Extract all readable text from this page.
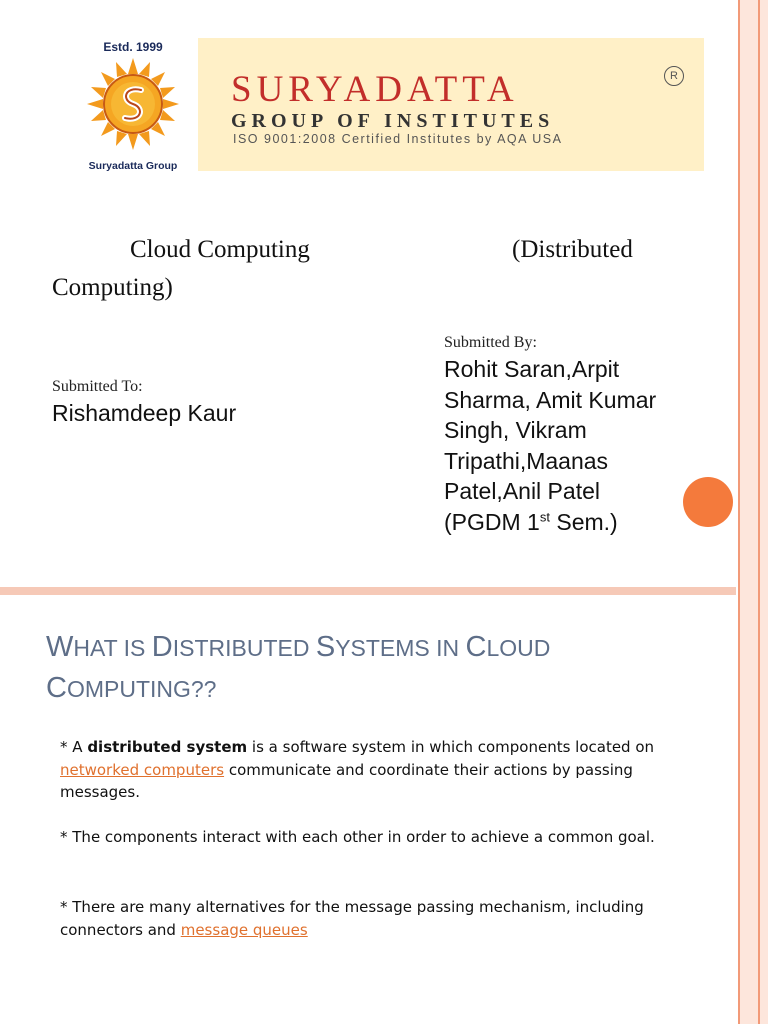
Estd. 1999
Suryadatta Group
SURYADATTA	R
GROUP OF INSTITUTES
ISO 9001:2008 Certified Institutes by AQA USA
Cloud Computing	(Distributed
Computing)
Submitted To:
Rishamdeep Kaur
Submitted By:
Rohit Saran,Arpit
Sharma, Amit Kumar
Singh, Vikram
Tripathi,Maanas
Patel,Anil Patel
(PGDM 1st Sem.)
WHAT IS DISTRIBUTED SYSTEMS IN CLOUD
COMPUTING??
* A distributed system is a software system in which components located on networked computers communicate and coordinate their actions by passing messages.
* The components interact with each other in order to achieve a common goal.
* There are many alternatives for the message passing mechanism, including connectors and message queues
